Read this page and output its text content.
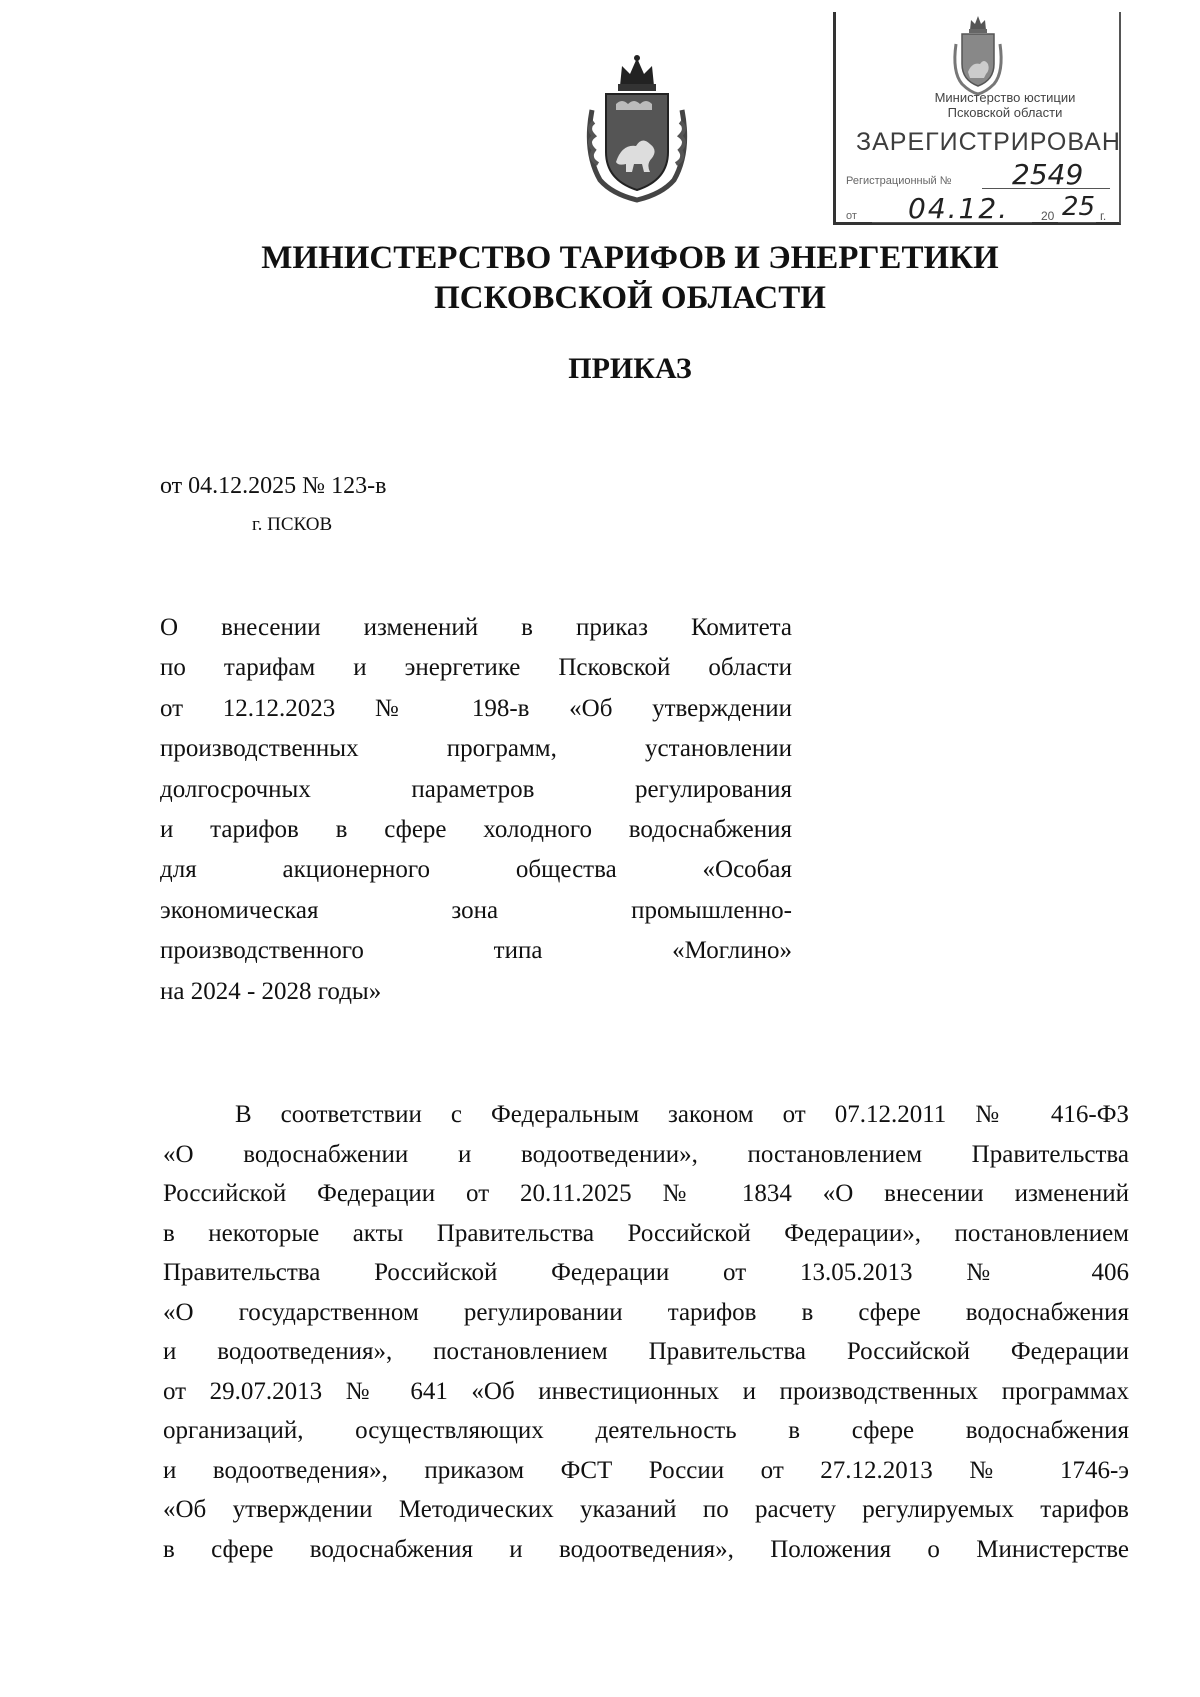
Министерство юстиции
Псковской области
ЗАРЕГИСТРИРОВАН
Регистрационный № 2549
от 04.12.	20 25 г.
МИНИСТЕРСТВО ТАРИФОВ И ЭНЕРГЕТИКИ
ПСКОВСКОЙ ОБЛАСТИ
ПРИКАЗ
от 04.12.2025 № 123-в
г. ПСКОВ
О внесении изменений в приказ Комитета
по тарифам и энергетике Псковской области
от 12.12.2023 № 198-в «Об утверждении
производственных программ, установлении
долгосрочных параметров регулирования
и тарифов в сфере холодного водоснабжения
для акционерного общества «Особая
экономическая зона промышленно-
производственного типа «Моглино»
на 2024 - 2028 годы»
В соответствии с Федеральным законом от 07.12.2011 № 416-ФЗ
«О водоснабжении и водоотведении», постановлением Правительства
Российской Федерации от 20.11.2025 № 1834 «О внесении изменений
в некоторые акты Правительства Российской Федерации», постановлением
Правительства Российской Федерации от 13.05.2013 № 406
«О государственном регулировании тарифов в сфере водоснабжения
и водоотведения», постановлением Правительства Российской Федерации
от 29.07.2013 № 641 «Об инвестиционных и производственных программах
организаций, осуществляющих деятельность в сфере водоснабжения
и водоотведения», приказом ФСТ России от 27.12.2013 № 1746-э
«Об утверждении Методических указаний по расчету регулируемых тарифов
в сфере водоснабжения и водоотведения», Положения о Министерстве
